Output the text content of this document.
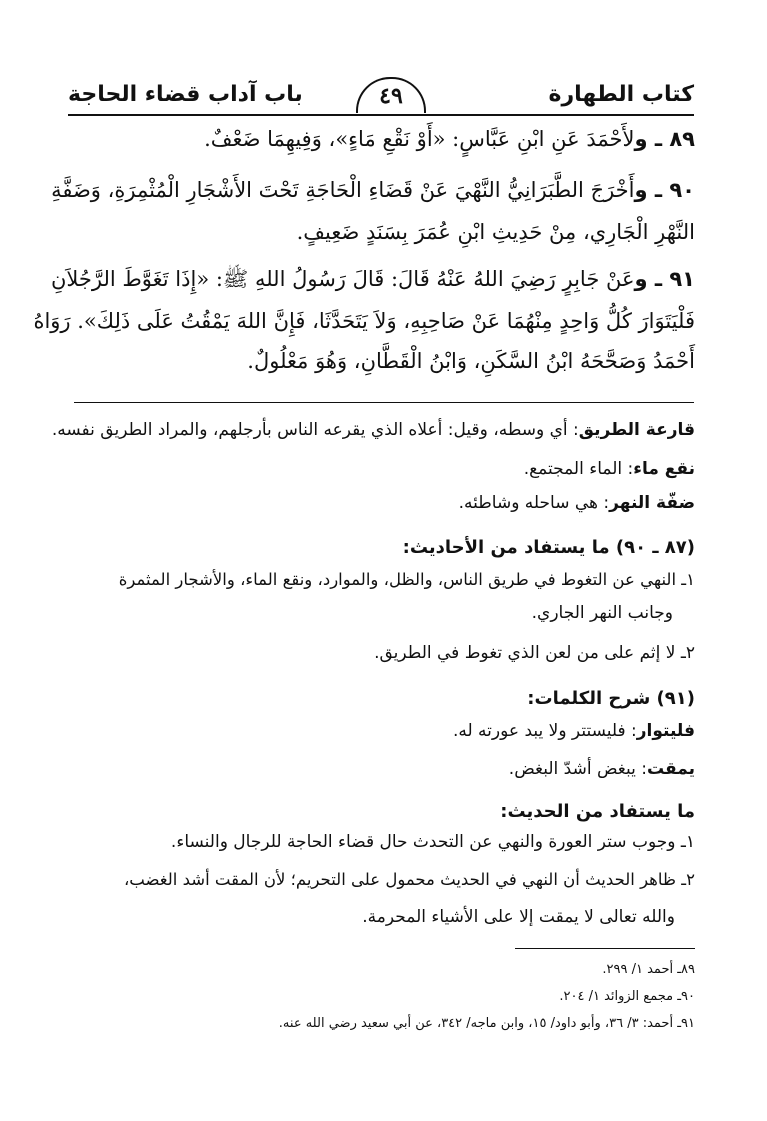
كتاب الطهارة
٤٩
باب آداب قضاء الحاجة
٨٩ ـ ولأَحْمَدَ عَنِ ابْنِ عَبَّاسٍ: «أَوْ نَقْعِ مَاءٍ»، وَفِيهِمَا ضَعْفٌ.
٩٠ ـ وأَخْرَجَ الطَّبَرَانِيُّ النَّهْيَ عَنْ قَضَاءِ الْحَاجَةِ تَحْتَ الأَشْجَارِ الْمُثْمِرَةِ، وَضَفَّةِ
النَّهْرِ الْجَارِي، مِنْ حَدِيثِ ابْنِ عُمَرَ بِسَنَدٍ ضَعِيفٍ.
٩١ ـ وعَنْ جَابِرٍ رَضِيَ اللهُ عَنْهُ قَالَ: قَالَ رَسُولُ اللهِ ﷺ: «إِذَا تَغَوَّطَ الرَّجُلاَنِ
فَلْيَتَوَارَ كُلُّ وَاحِدٍ مِنْهُمَا عَنْ صَاحِبِهِ، وَلاَ يَتَحَدَّثَا، فَإِنَّ اللهَ يَمْقُتُ عَلَى ذَلِكَ». رَوَاهُ
أَحْمَدُ وَصَحَّحَهُ ابْنُ السَّكَنِ، وَابْنُ الْقَطَّانِ، وَهُوَ مَعْلُولٌ.
قارعة الطريق: أي وسطه، وقيل: أعلاه الذي يقرعه الناس بأرجلهم، والمراد الطريق نفسه.
نقع ماء: الماء المجتمع.
ضفّة النهر: هي ساحله وشاطئه.
(٨٧ ـ ٩٠) ما يستفاد من الأحاديث:
١ـ النهي عن التغوط في طريق الناس، والظل، والموارد، ونقع الماء، والأشجار المثمرة
وجانب النهر الجاري.
٢ـ لا إثم على من لعن الذي تغوط في الطريق.
(٩١) شرح الكلمات:
فليتوار: فليستتر ولا يبد عورته له.
يمقت: يبغض أشدّ البغض.
ما يستفاد من الحديث:
١ـ وجوب ستر العورة والنهي عن التحدث حال قضاء الحاجة للرجال والنساء.
٢ـ ظاهر الحديث أن النهي في الحديث محمول على التحريم؛ لأن المقت أشد الغضب،
والله تعالى لا يمقت إلا على الأشياء المحرمة.
٨٩ـ أحمد ١/ ٢٩٩.
٩٠ـ مجمع الزوائد ١/ ٢٠٤.
٩١ـ أحمد: ٣/ ٣٦، وأبو داود/ ١٥، وابن ماجه/ ٣٤٢، عن أبي سعيد رضي الله عنه.
